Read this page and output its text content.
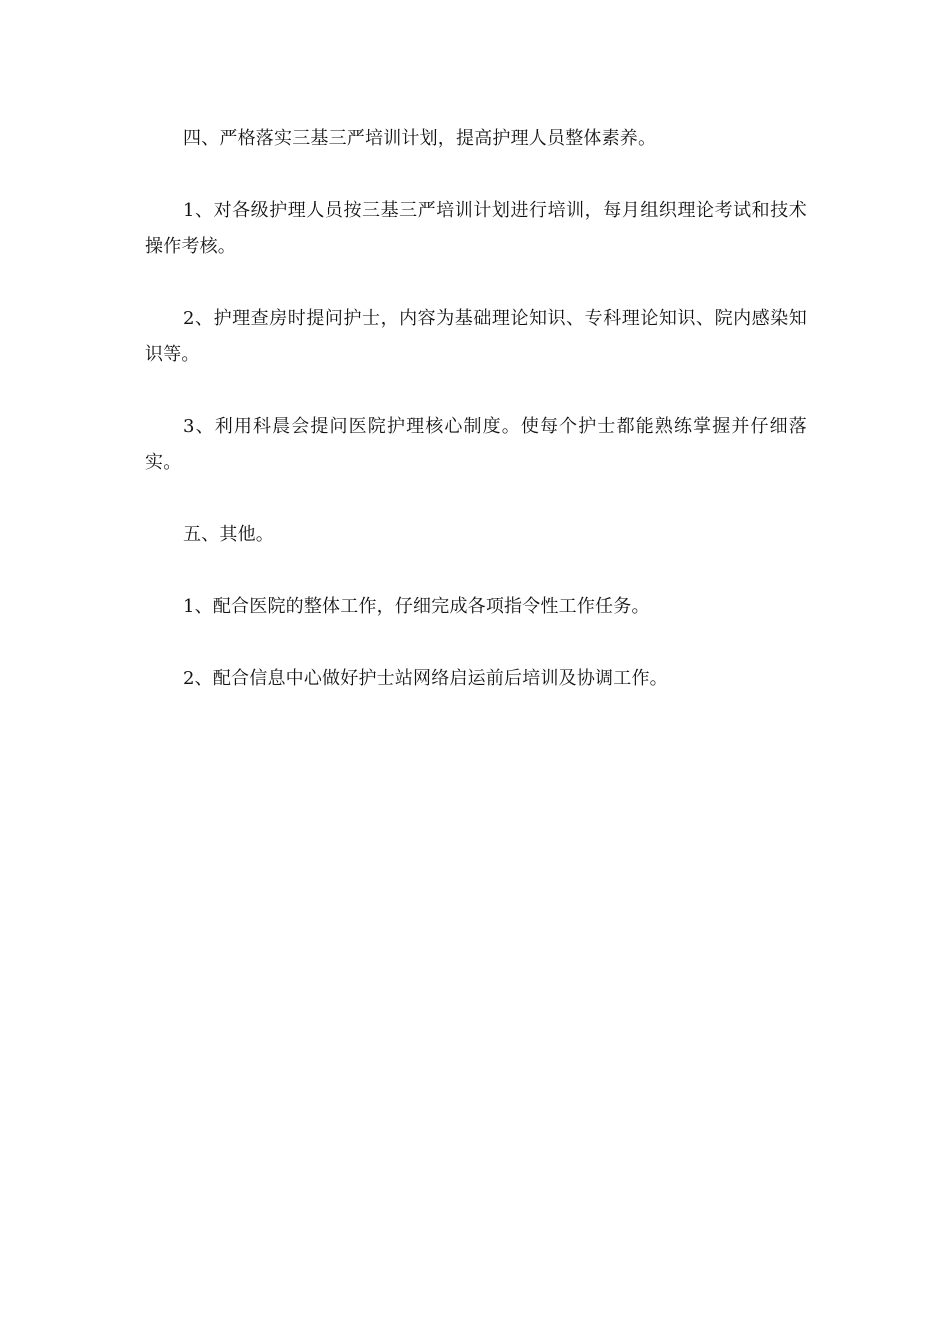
四、严格落实三基三严培训计划，提高护理人员整体素养。

1、对各级护理人员按三基三严培训计划进行培训，每月组织理论考试和技术操作考核。

2、护理查房时提问护士，内容为基础理论知识、专科理论知识、院内感染知识等。

3、利用科晨会提问医院护理核心制度。使每个护士都能熟练掌握并仔细落实。

五、其他。

1、配合医院的整体工作，仔细完成各项指令性工作任务。

2、配合信息中心做好护士站网络启运前后培训及协调工作。
